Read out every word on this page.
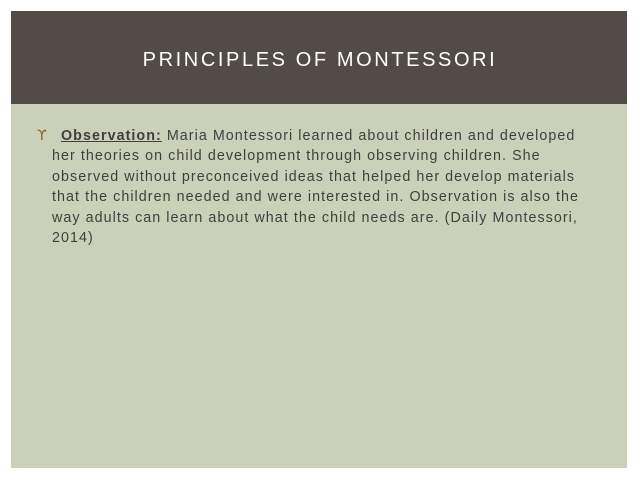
PRINCIPLES OF MONTESSORI
ϒ Observation: Maria Montessori learned about children and developed her theories on child development through observing children. She observed without preconceived ideas that helped her develop materials that the children needed and were interested in. Observation is also the way adults can learn about what the child needs are. (Daily Montessori, 2014)
